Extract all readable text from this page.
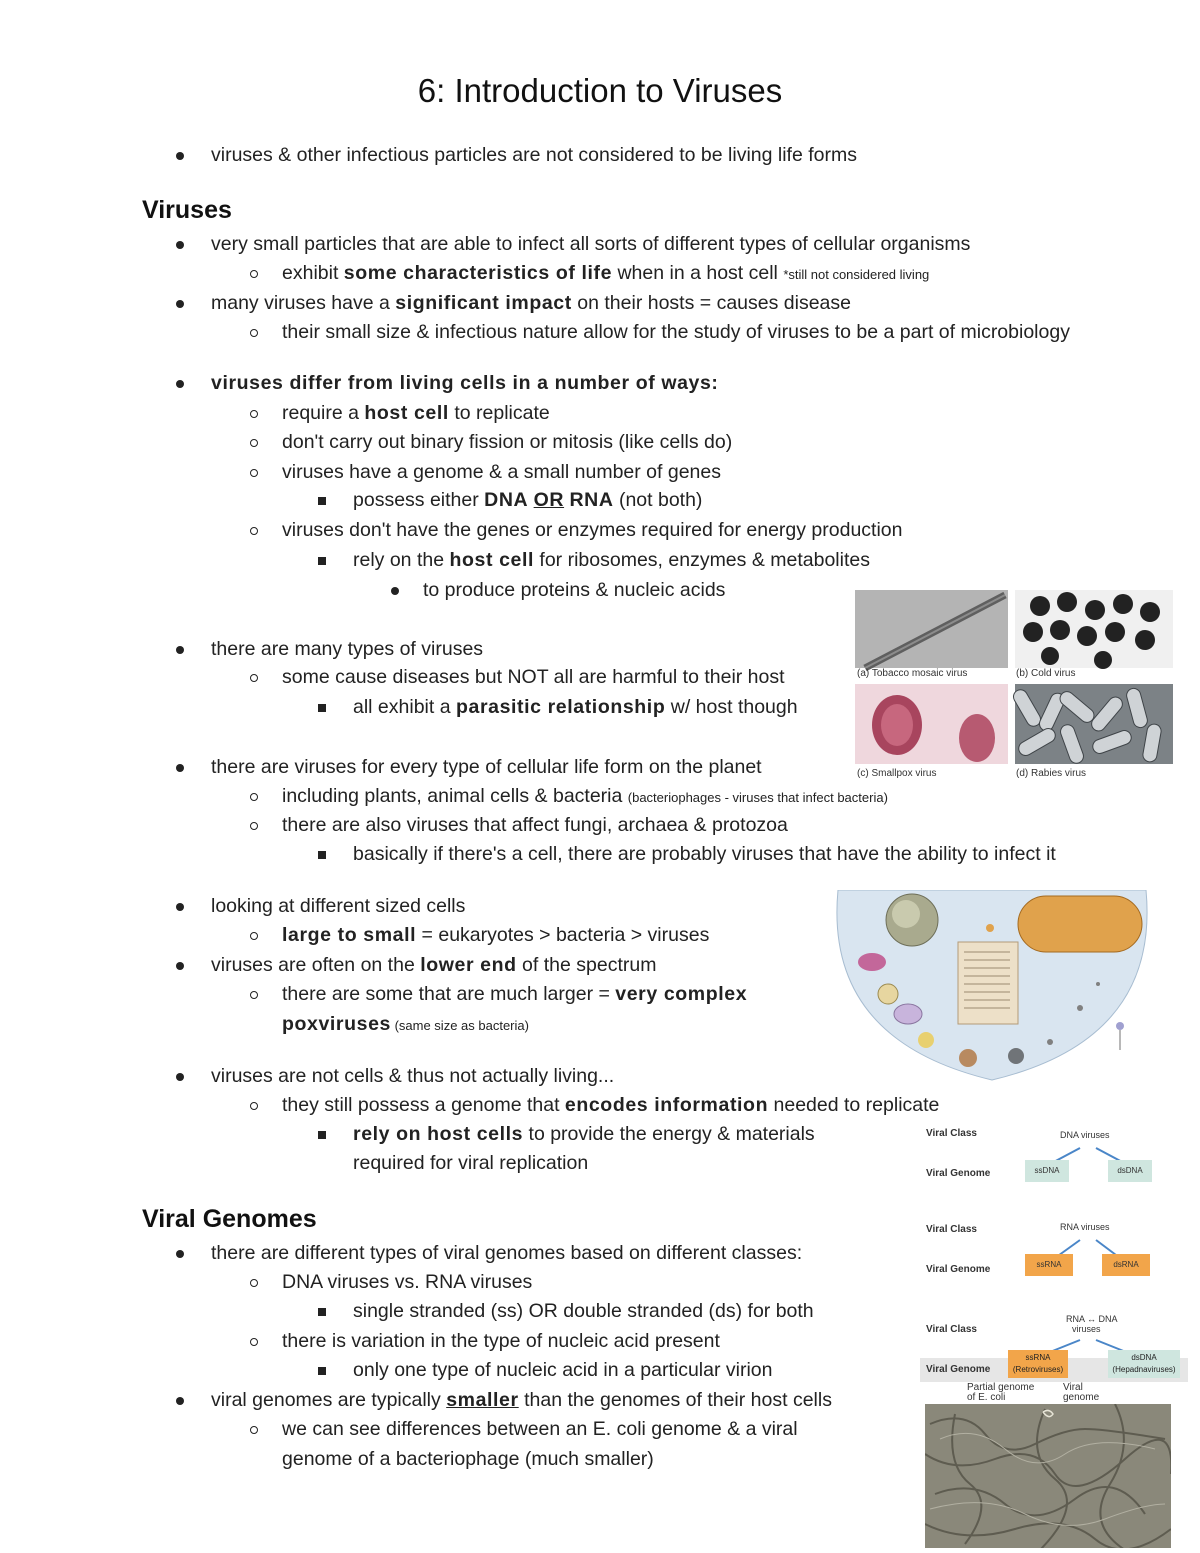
6: Introduction to Viruses
viruses & other infectious particles are not considered to be living life forms
Viruses
very small particles that are able to infect all sorts of different types of cellular organisms
exhibit some characteristics of life when in a host cell *still not considered living
many viruses have a significant impact on their hosts = causes disease
their small size & infectious nature allow for the study of viruses to be a part of microbiology
viruses differ from living cells in a number of ways:
require a host cell to replicate
don't carry out binary fission or mitosis (like cells do)
viruses have a genome & a small number of genes
possess either DNA OR RNA (not both)
viruses don't have the genes or enzymes required for energy production
rely on the host cell for ribosomes, enzymes & metabolites
to produce proteins & nucleic acids
there are many types of viruses
some cause diseases but NOT all are harmful to their host
all exhibit a parasitic relationship w/ host though
there are viruses for every type of cellular life form on the planet
including plants, animal cells & bacteria (bacteriophages - viruses that infect bacteria)
there are also viruses that affect fungi, archaea & protozoa
basically if there's a cell, there are probably viruses that have the ability to infect it
looking at different sized cells
large to small = eukaryotes > bacteria > viruses
viruses are often on the lower end of the spectrum
there are some that are much larger = very complex
poxviruses (same size as bacteria)
viruses are not cells & thus not actually living...
they still possess a genome that encodes information needed to replicate
rely on host cells to provide the energy & materials
required for viral replication
Viral Genomes
there are different types of viral genomes based on different classes:
DNA viruses vs. RNA viruses
single stranded (ss) OR double stranded (ds) for both
there is variation in the type of nucleic acid present
only one type of nucleic acid in a particular virion
viral genomes are typically smaller than the genomes of their host cells
we can see differences between an E. coli genome & a viral
genome of a bacteriophage (much smaller)
(a) Tobacco mosaic virus	(b) Cold virus
(c) Smallpox virus	(d) Rabies virus
Viral Class
Viral Genome
DNA viruses
ssDNA	dsDNA
Viral Class
Viral Genome
RNA viruses
ssRNA	dsRNA
Viral Class
Viral Genome
RNA ↔ DNA
viruses
ssRNA
(Retroviruses)
dsDNA
(Hepadnaviruses)
Partial genome
of E. coli
Viral
genome
